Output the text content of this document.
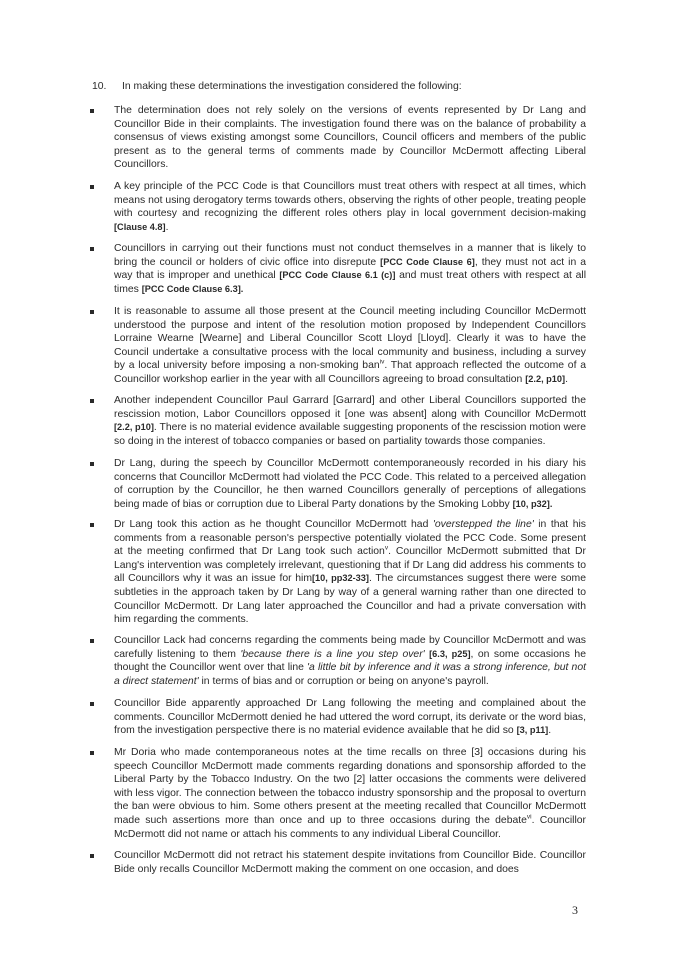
10. In making these determinations the investigation considered the following:
The determination does not rely solely on the versions of events represented by Dr Lang and Councillor Bide in their complaints. The investigation found there was on the balance of probability a consensus of views existing amongst some Councillors, Council officers and members of the public present as to the general terms of comments made by Councillor McDermott affecting Liberal Councillors.
A key principle of the PCC Code is that Councillors must treat others with respect at all times, which means not using derogatory terms towards others, observing the rights of other people, treating people with courtesy and recognizing the different roles others play in local government decision-making [Clause 4.8].
Councillors in carrying out their functions must not conduct themselves in a manner that is likely to bring the council or holders of civic office into disrepute [PCC Code Clause 6], they must not act in a way that is improper and unethical [PCC Code Clause 6.1 (c)] and must treat others with respect at all times [PCC Code Clause 6.3].
It is reasonable to assume all those present at the Council meeting including Councillor McDermott understood the purpose and intent of the resolution motion proposed by Independent Councillors Lorraine Wearne [Wearne] and Liberal Councillor Scott Lloyd [Lloyd]. Clearly it was to have the Council undertake a consultative process with the local community and business, including a survey by a local university before imposing a non-smoking ban$^{iv}$. That approach reflected the outcome of a Councillor workshop earlier in the year with all Councillors agreeing to broad consultation [2.2, p10].
Another independent Councillor Paul Garrard [Garrard] and other Liberal Councillors supported the rescission motion, Labor Councillors opposed it [one was absent] along with Councillor McDermott [2.2, p10]. There is no material evidence available suggesting proponents of the rescission motion were so doing in the interest of tobacco companies or based on partiality towards those companies.
Dr Lang, during the speech by Councillor McDermott contemporaneously recorded in his diary his concerns that Councillor McDermott had violated the PCC Code. This related to a perceived allegation of corruption by the Councillor, he then warned Councillors generally of perceptions of allegations being made of bias or corruption due to Liberal Party donations by the Smoking Lobby [10, p32].
Dr Lang took this action as he thought Councillor McDermott had 'overstepped the line' in that his comments from a reasonable person's perspective potentially violated the PCC Code. Some present at the meeting confirmed that Dr Lang took such action$^v$. Councillor McDermott submitted that Dr Lang's intervention was completely irrelevant, questioning that if Dr Lang did address his comments to all Councillors why it was an issue for him[10, pp32-33]. The circumstances suggest there were some subtleties in the approach taken by Dr Lang by way of a general warning rather than one directed to Councillor McDermott. Dr Lang later approached the Councillor and had a private conversation with him regarding the comments.
Councillor Lack had concerns regarding the comments being made by Councillor McDermott and was carefully listening to them 'because there is a line you step over' [6.3, p25], on some occasions he thought the Councillor went over that line 'a little bit by inference and it was a strong inference, but not a direct statement' in terms of bias and or corruption or being on anyone's payroll.
Councillor Bide apparently approached Dr Lang following the meeting and complained about the comments. Councillor McDermott denied he had uttered the word corrupt, its derivate or the word bias, from the investigation perspective there is no material evidence available that he did so [3, p11].
Mr Doria who made contemporaneous notes at the time recalls on three [3] occasions during his speech Councillor McDermott made comments regarding donations and sponsorship afforded to the Liberal Party by the Tobacco Industry. On the two [2] latter occasions the comments were delivered with less vigor. The connection between the tobacco industry sponsorship and the proposal to overturn the ban were obvious to him. Some others present at the meeting recalled that Councillor McDermott made such assertions more than once and up to three occasions during the debate$^{vi}$. Councillor McDermott did not name or attach his comments to any individual Liberal Councillor.
Councillor McDermott did not retract his statement despite invitations from Councillor Bide. Councillor Bide only recalls Councillor McDermott making the comment on one occasion, and does
3
